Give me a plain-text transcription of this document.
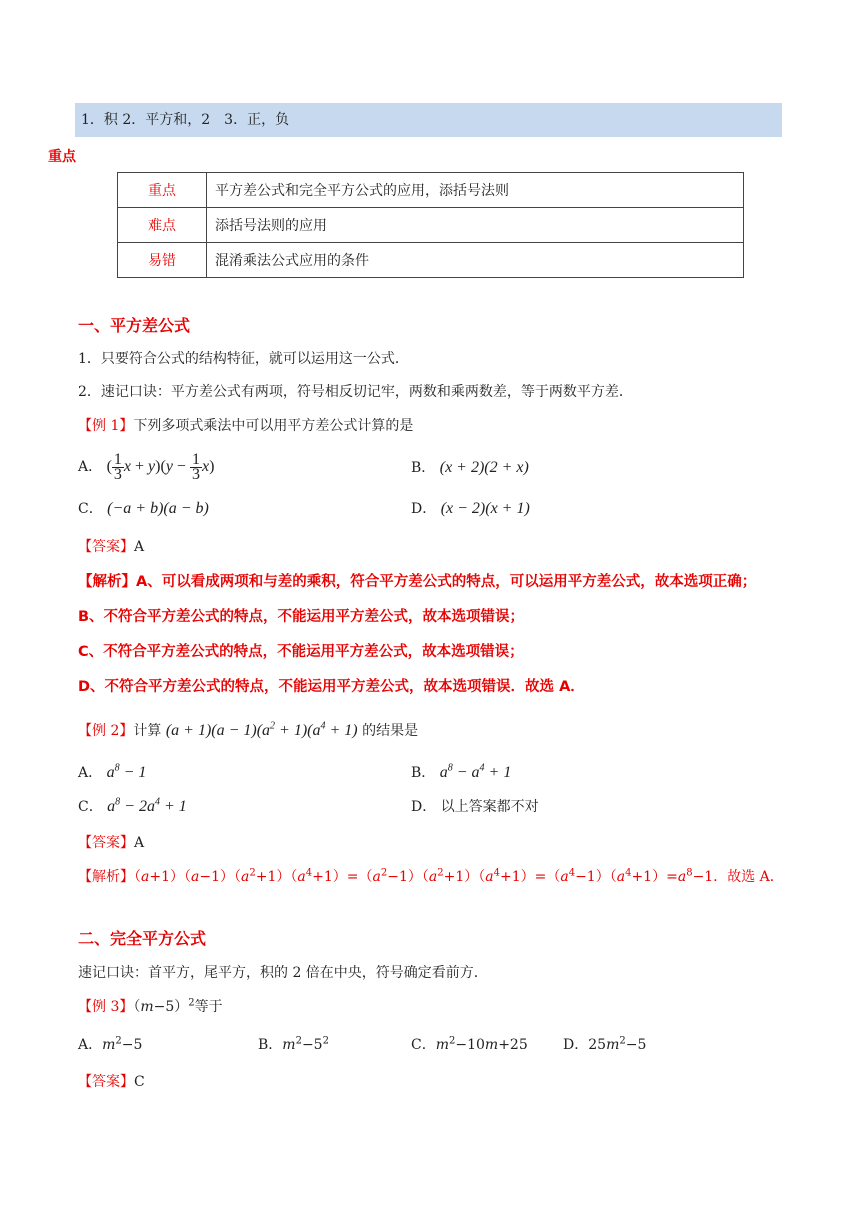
1．积 2．平方和，2　3．正，负
重点
重点	平方差公式和完全平方公式的应用，添括号法则
难点	添括号法则的应用
易错	混淆乘法公式应用的条件
一、平方差公式
1．只要符合公式的结构特征，就可以运用这一公式．
2．速记口诀：平方差公式有两项，符号相反切记牢，两数和乘两数差，等于两数平方差．
【例 1】下列多项式乘法中可以用平方差公式计算的是
A． ( $\frac{1}{3}$ $x + y)(y - \frac{1}{3} x)$	B． (x + 2)(2 + x)
C． (−a + b)(a − b)	D． (x − 2)(x + 1)
【答案】A
【解析】A、可以看成两项和与差的乘积，符合平方差公式的特点，可以运用平方差公式，故本选项正确；
B、不符合平方差公式的特点，不能运用平方差公式，故本选项错误；
C、不符合平方差公式的特点，不能运用平方差公式，故本选项错误；
D、不符合平方差公式的特点，不能运用平方差公式，故本选项错误．故选 A．
【例 2】计算 $(a + 1)(a - 1)(a^2 + 1)(a^4 + 1)$ 的结果是
A． $a^8 - 1$	B． $a^8 - a^4 + 1$
C． $a^8 - 2a^4 + 1$	D． 以上答案都不对
【答案】A
【解析】$(a+1)(a-1)(a^2+1)(a^4+1)=(a^2-1)(a^2+1)(a^4+1)=(a^4-1)(a^4+1)=a^8-1$．故选 A．
二、完全平方公式
速记口诀：首平方，尾平方，积的 2 倍在中央，符号确定看前方．
【例 3】$(m-5)^2$等于
A．$m^2-5$	B．$m^2-5^2$	C．$m^2-10m+25$	D．$25m^2-5$
【答案】C
